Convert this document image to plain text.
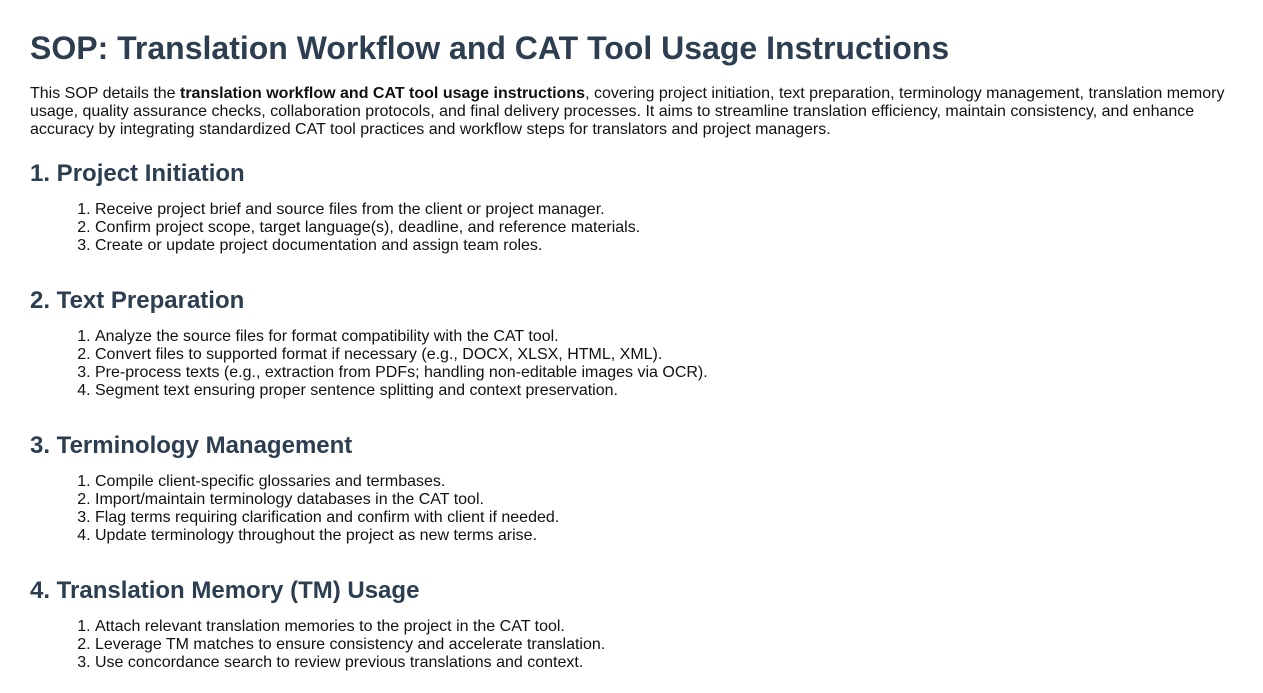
SOP: Translation Workflow and CAT Tool Usage Instructions

This SOP details the translation workflow and CAT tool usage instructions, covering project initiation, text preparation, terminology management, translation memory usage, quality assurance checks, collaboration protocols, and final delivery processes. It aims to streamline translation efficiency, maintain consistency, and enhance accuracy by integrating standardized CAT tool practices and workflow steps for translators and project managers.

1. Project Initiation
1. Receive project brief and source files from the client or project manager.
2. Confirm project scope, target language(s), deadline, and reference materials.
3. Create or update project documentation and assign team roles.
2. Text Preparation
1. Analyze the source files for format compatibility with the CAT tool.
2. Convert files to supported format if necessary (e.g., DOCX, XLSX, HTML, XML).
3. Pre-process texts (e.g., extraction from PDFs; handling non-editable images via OCR).
4. Segment text ensuring proper sentence splitting and context preservation.
3. Terminology Management
1. Compile client-specific glossaries and termbases.
2. Import/maintain terminology databases in the CAT tool.
3. Flag terms requiring clarification and confirm with client if needed.
4. Update terminology throughout the project as new terms arise.
4. Translation Memory (TM) Usage
1. Attach relevant translation memories to the project in the CAT tool.
2. Leverage TM matches to ensure consistency and accelerate translation.
3. Use concordance search to review previous translations and context.
